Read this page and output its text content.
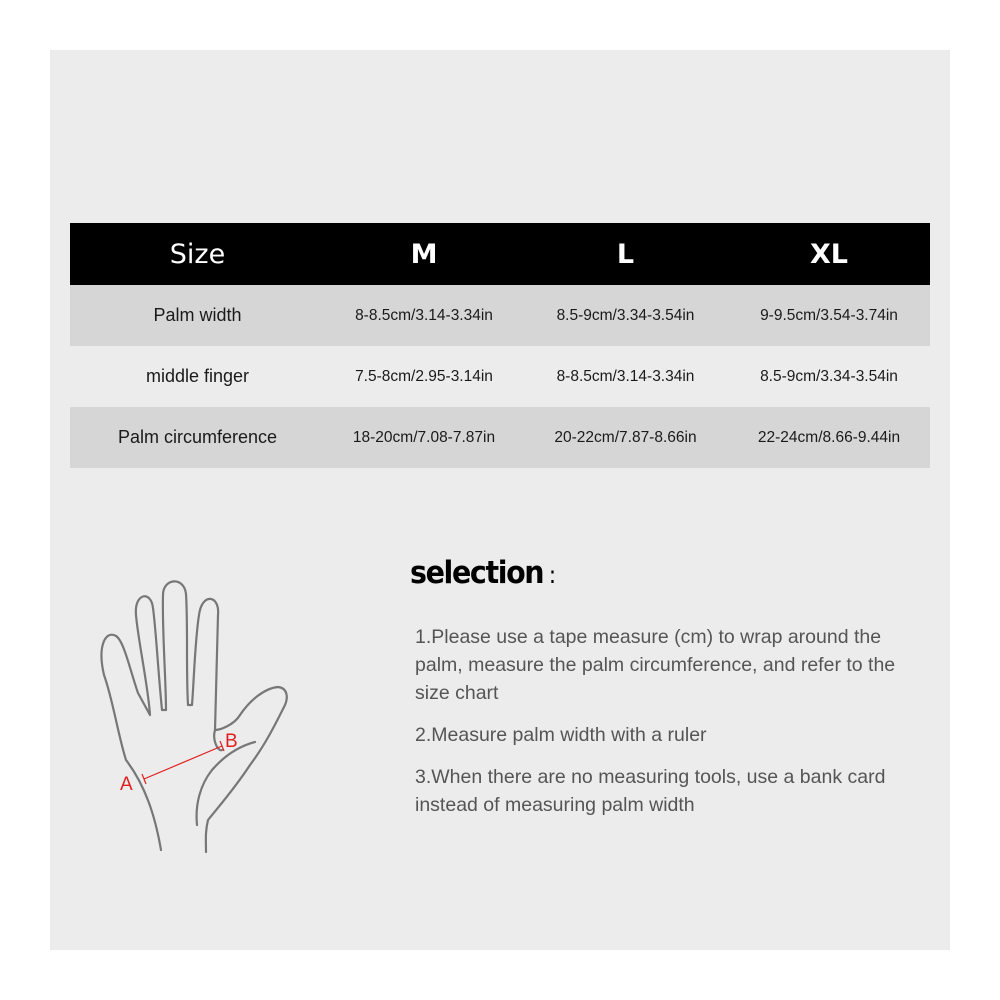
Size	M	L	XL
Palm width	8-8.5cm/3.14-3.34in	8.5-9cm/3.34-3.54in	9-9.5cm/3.54-3.74in
middle finger	7.5-8cm/2.95-3.14in	8-8.5cm/3.14-3.34in	8.5-9cm/3.34-3.54in
Palm circumference	18-20cm/7.08-7.87in	20-22cm/7.87-8.66in	22-24cm/8.66-9.44in
A
B
selection :

1.Please use a tape measure (cm) to wrap around the palm, measure the palm circumference, and refer to the size chart

2.Measure palm width with a ruler

3.When there are no measuring tools, use a bank card instead of measuring palm width
